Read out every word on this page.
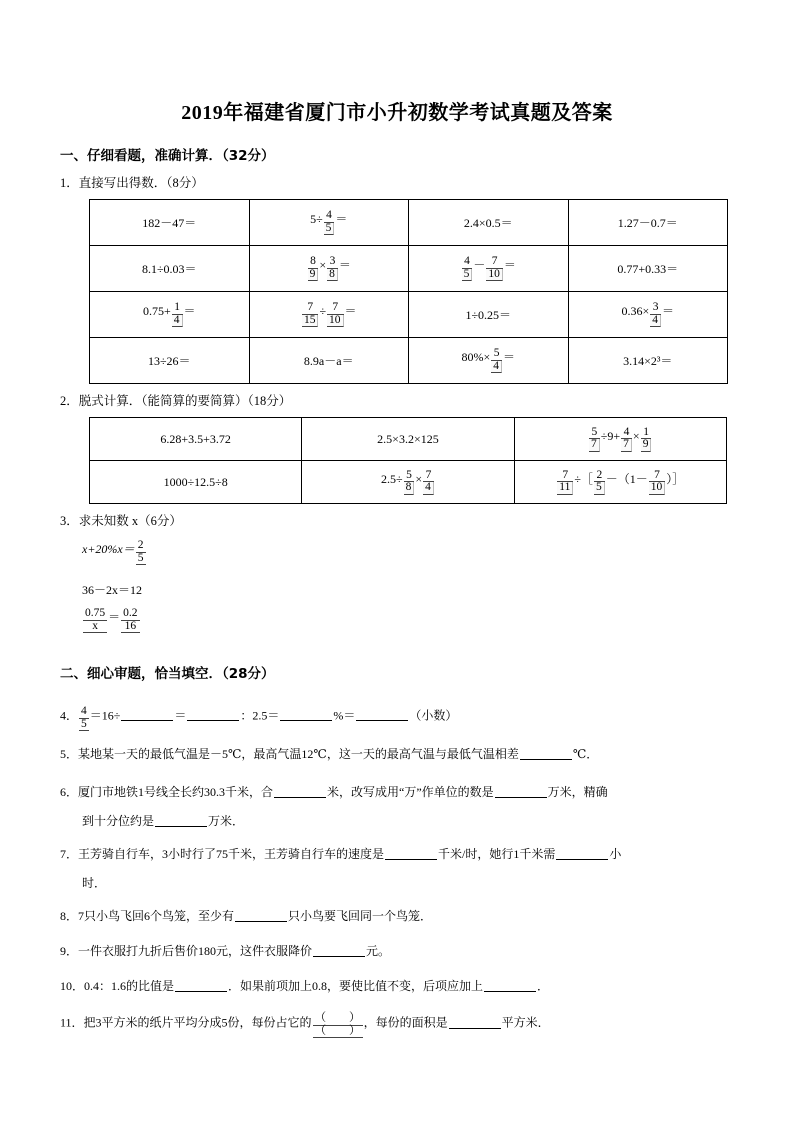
2019年福建省厦门市小升初数学考试真题及答案
一、仔细看题，准确计算．（32分）
1．直接写出得数．（8分）
182－47＝	$5\div \frac{4}{5}$ ＝	2.4×0.5＝	1.27－0.7＝
8.1÷0.03＝	$\frac{8}{9} \times \frac{3}{8}$ ＝	$\frac{4}{5} - \frac{7}{10}$ ＝	0.77+0.33＝
$0.75+ \frac{1}{4}$ ＝	$\frac{7}{15} \div \frac{7}{10}$ ＝	1÷0.25＝	$0.36\times \frac{3}{4}$ ＝
13÷26＝	8.9a－a＝	$80\%\times \frac{5}{4}$ ＝	3.14×2³＝
2．脱式计算．（能简算的要简算）（18分）
6.28+3.5+3.72	2.5×3.2×125	$\frac{5}{7} \div 9+ \frac{4}{7} \times \frac{1}{9}$

1000÷12.5÷8	$2.5\div \frac{5}{8} \times \frac{7}{4}$	$\frac{7}{11}$ ÷［ $\frac{2}{5} -(1- \frac{7}{10}$ ）］
3．求未知数 x（6分）
$x+20\%x= \frac{2}{5}$
36－2x＝12
$\frac{0.75}{x} = \frac{0.2}{16}$
二、细心审题，恰当填空．（28分）
4． $\frac{4}{5} =16\div$	＝	：2.5＝	%＝	（小数）
5．某地某一天的最低气温是－5℃，最高气温12℃，这一天的最高气温与最低气温相差	℃．
6．厦门市地铁1号线全长约30.3千米，合	米，改写成用“万”作单位的数是	万米，精确
到十分位约是	万米．
7．王芳骑自行车，3小时行了75千米，王芳骑自行车的速度是	千米/时，她行1千米需	小
时．
8．7只小鸟飞回6个鸟笼，至少有	只小鸟要飞回同一个鸟笼．
9．一件衣服打九折后售价180元，这件衣服降价	元。
10．0.4：1.6的比值是	．如果前项加上0.8，要使比值不变，后项应加上	．
11．把3平方米的纸片平均分成5份，每份占它的 $\frac{( )}{( )}$ ，每份的面积是	平方米．
